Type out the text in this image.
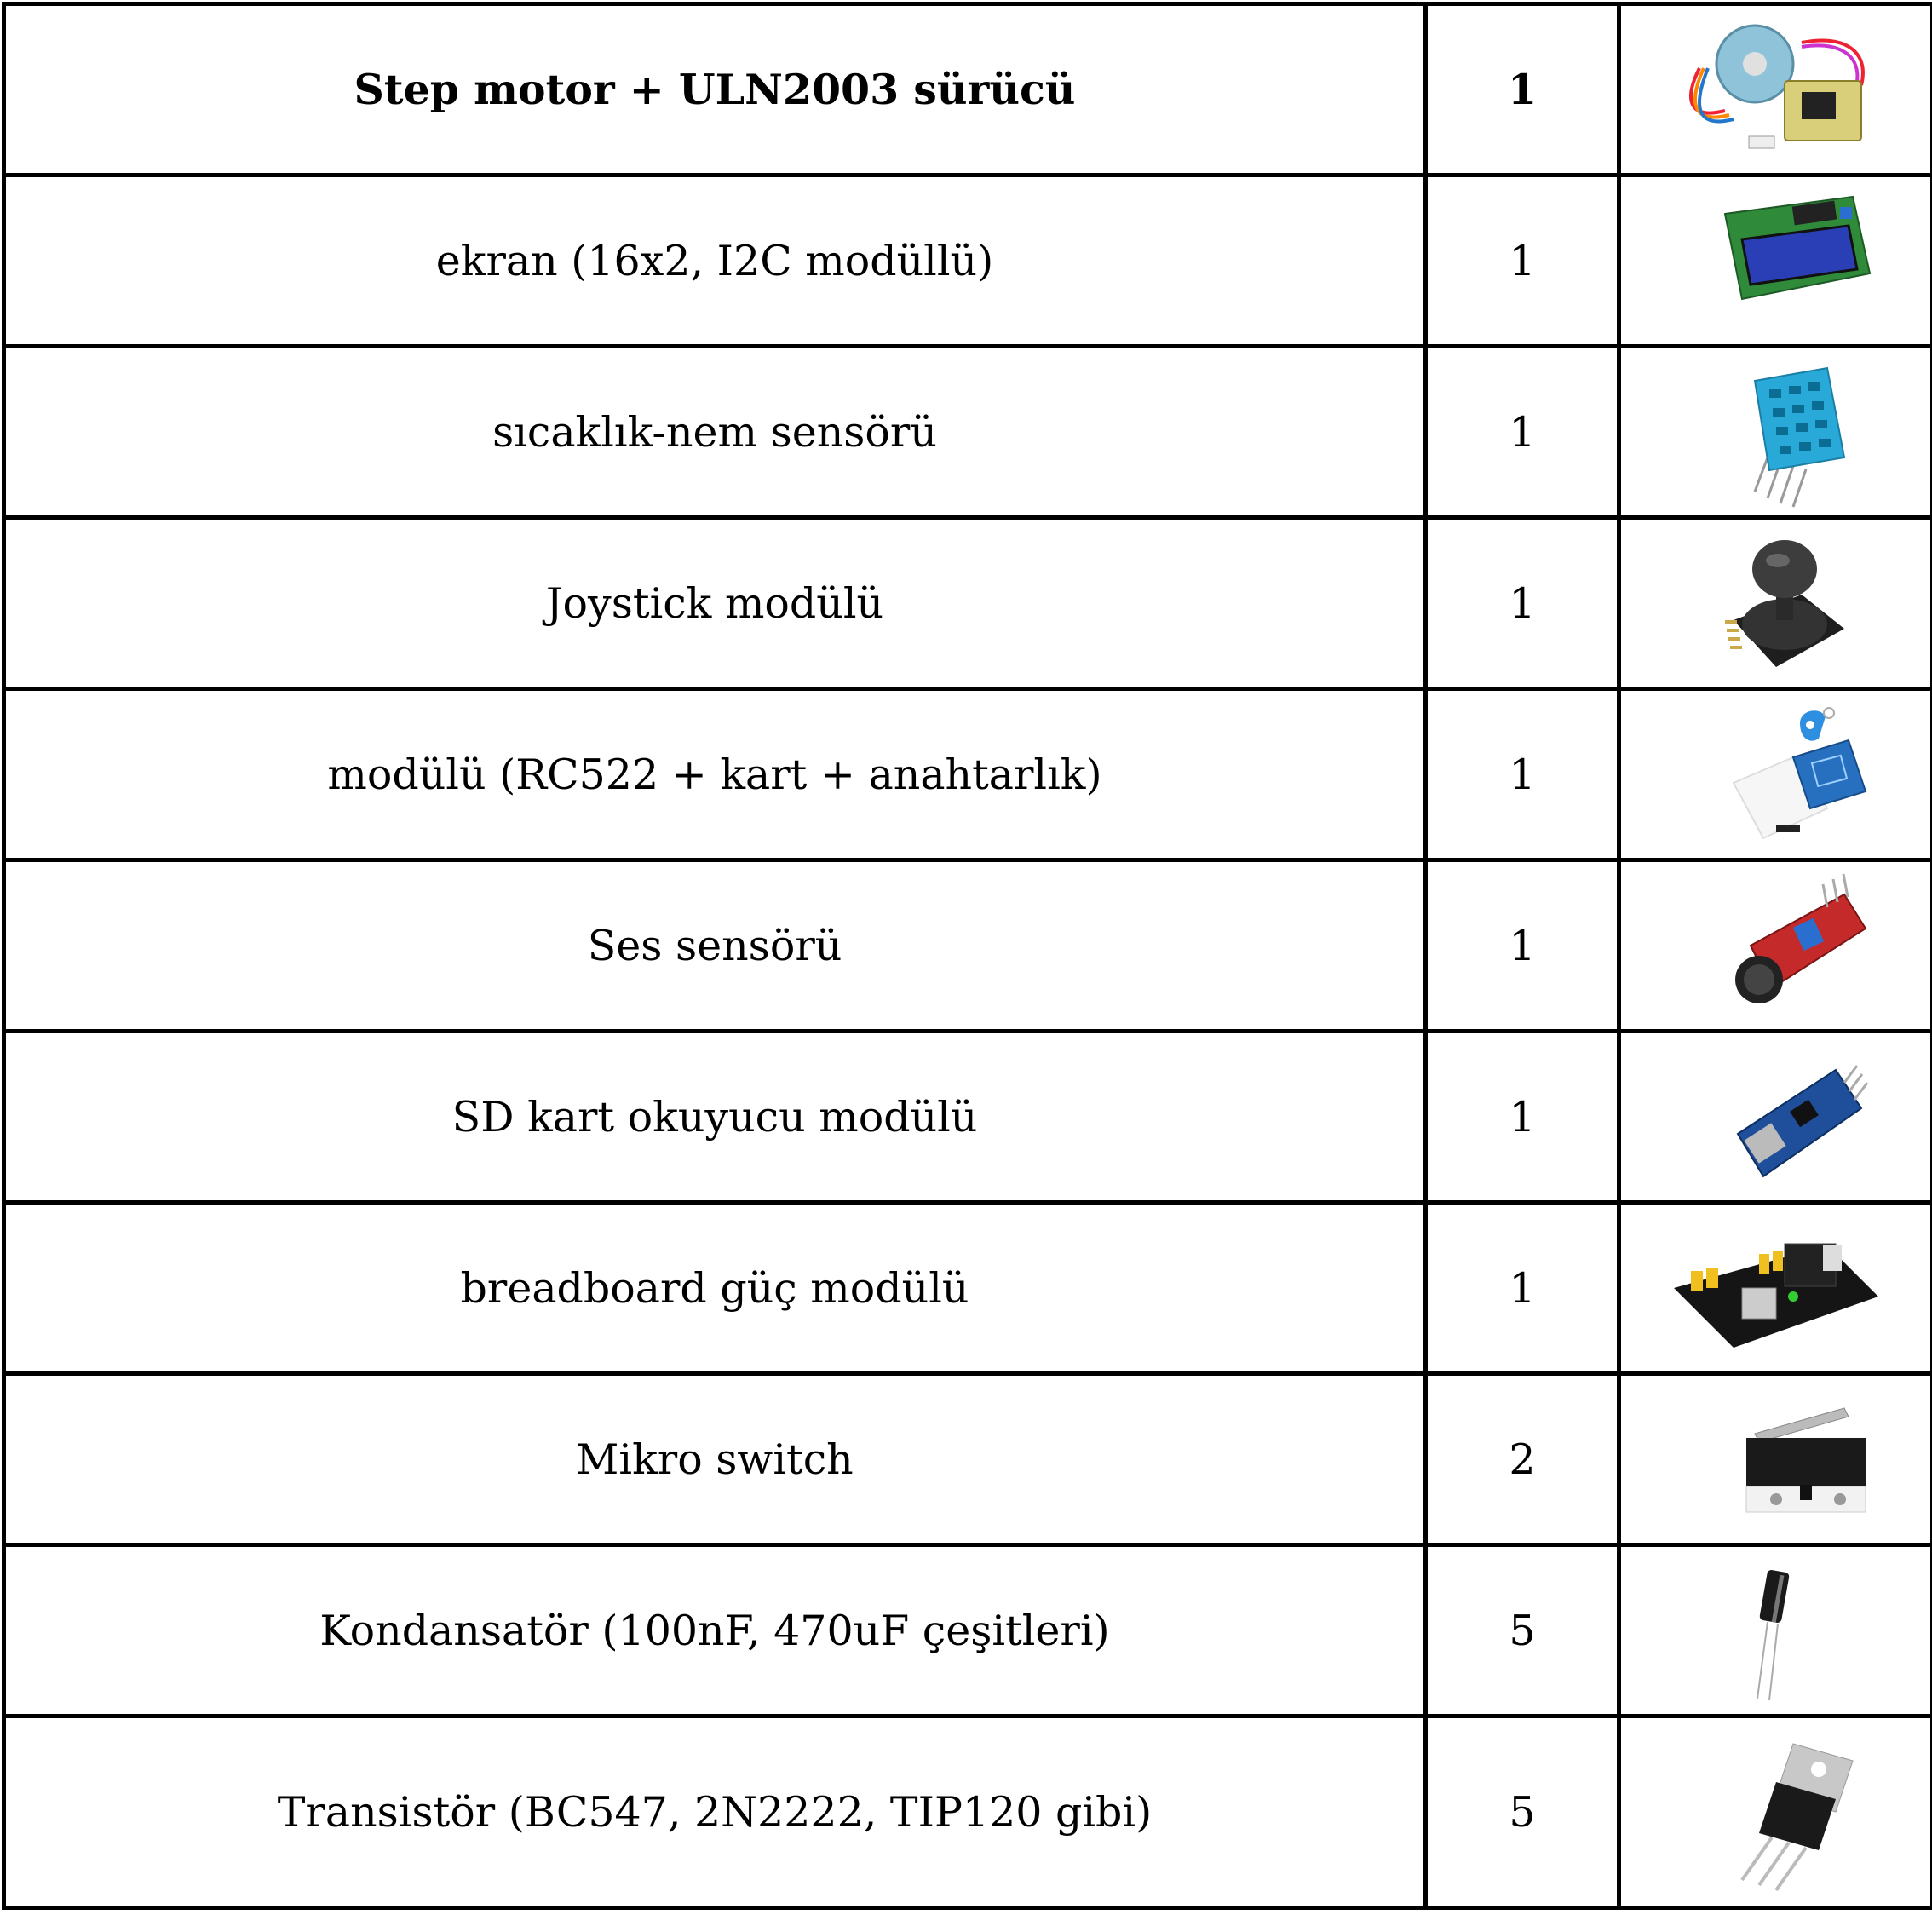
Step motor + ULN2003 sürücü	1	

ekran (16x2, I2C modüllü)	1	

sıcaklık-nem sensörü	1	

Joystick modülü	1	

modülü (RC522 + kart + anahtarlık)	1	

Ses sensörü	1	

SD kart okuyucu modülü	1	

breadboard güç modülü	1	

Mikro switch	2	

Kondansatör (100nF, 470uF çeşitleri)	5	

Transistör (BC547, 2N2222, TIP120 gibi)	5	
